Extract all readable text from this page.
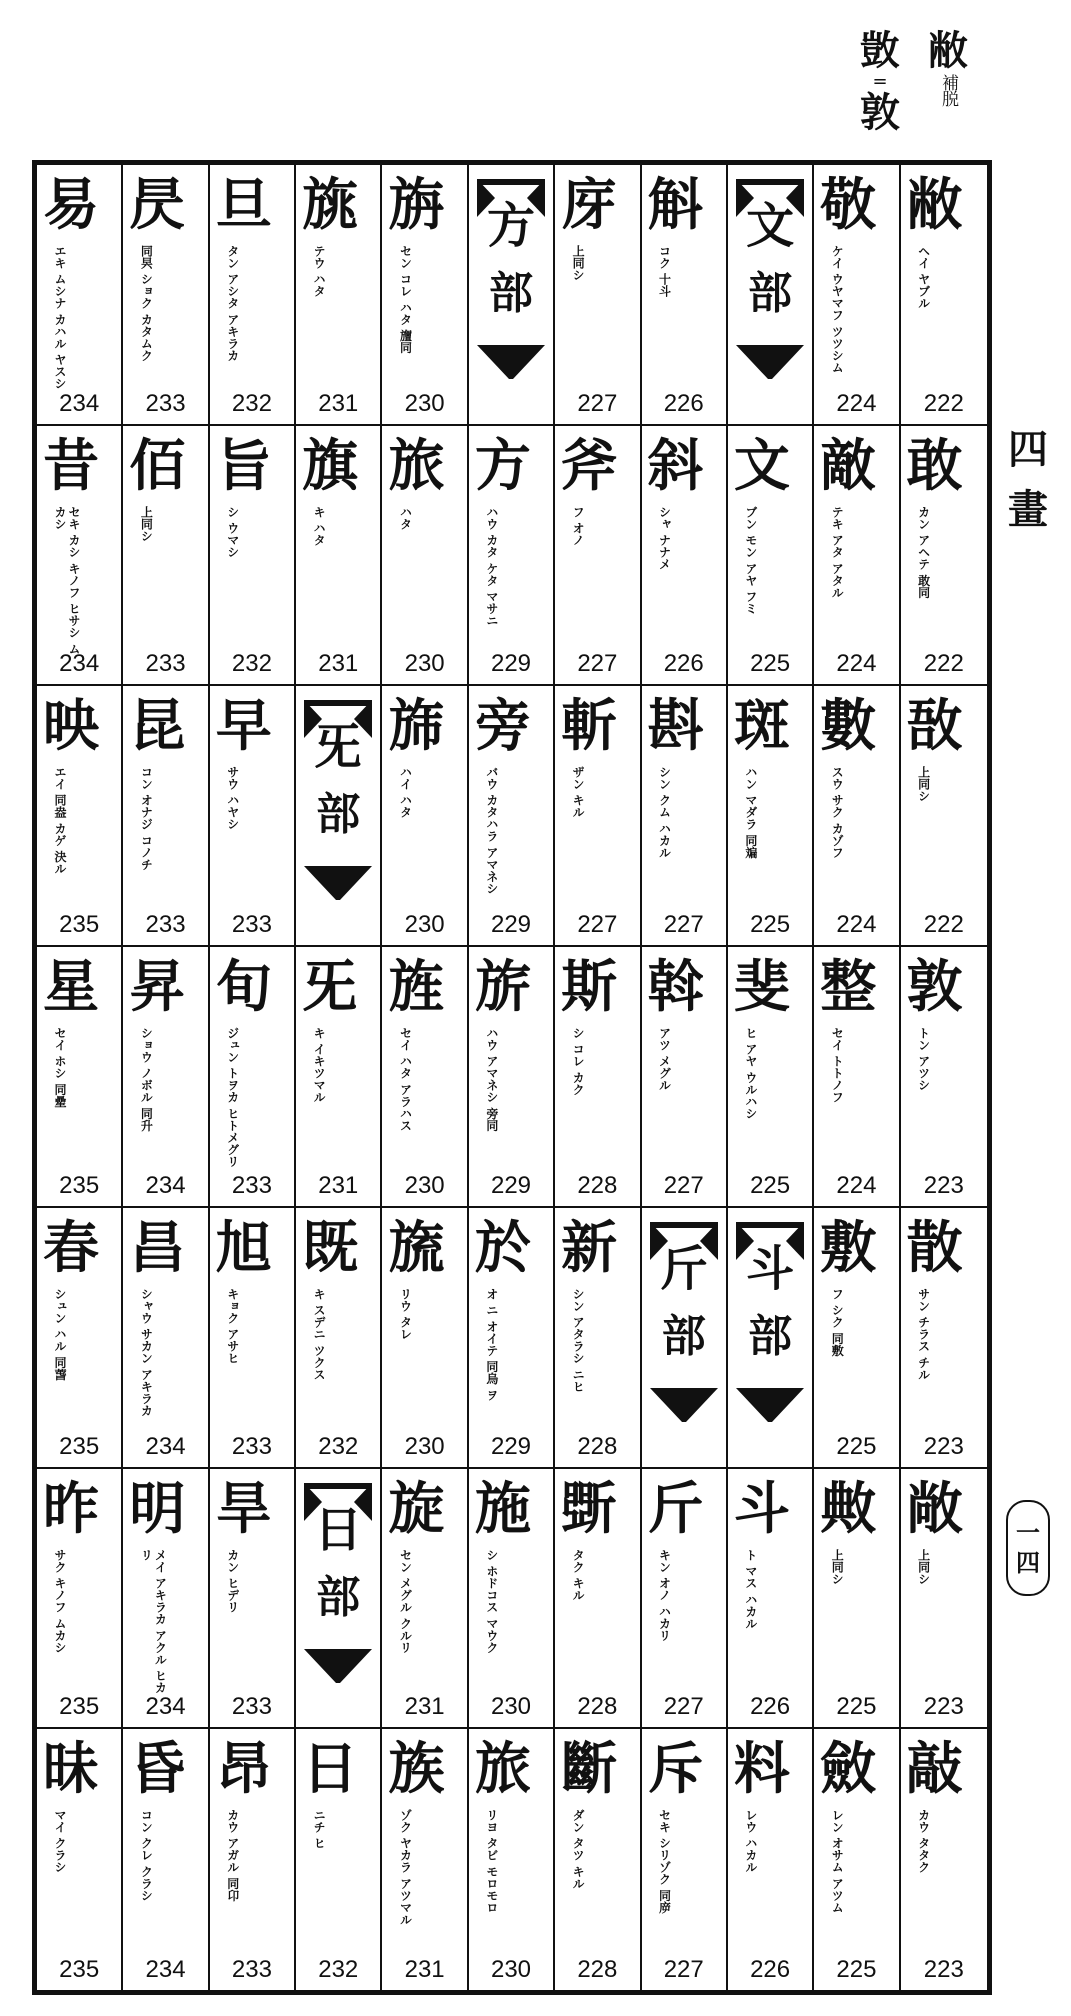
敝
補脱
敳
=
敦
易
エキ ムシナ カハル ヤスシ
234
昃
同昗 ショク カタムク
233
旦
タン アシタ アキラカ
232
旐
テウ ハタ
231
旃
セン コレ ハタ 旜同
230
方
部
庌
上同シ
227
斛
コク 十斗
226
文
部
敬
ケイ ウヤマフ ツツシム
224
敝
ヘイ ヤブル
222
昔
セキ カシ キノフ ヒサシ ムカシ
234
佰
上同シ
233
旨
シ ウマシ
232
旗
キ ハタ
231
旅
ハタ
230
方
ハウ カタ ケタ マサニ
229
斧
フ オノ
227
斜
シャ ナナメ
226
文
ブン モン アヤ フミ
225
敵
テキ アタ アタル
224
敢
カン アヘテ 敢同
222
映
エイ 同盎 カゲ 決ル
235
昆
コン オナジ コノチ
233
早
サウ ハヤシ
233
旡
部
旆
ハイ ハタ
230
旁
バウ カタハラ アマネシ
229
斬
ザン キル
227
斟
シン クム ハカル
227
斑
ハン マダラ 同斒
225
數
スウ サク カゾフ
224
敔
上同シ
222
星
セイ ホシ 同曐
235
昇
ショウ ノボル 同升
234
旬
ジュン トヲカ ヒトメグリ
233
旡
キ イキツマル
231
旌
セイ ハタ アラハス
230
旂
ハウ アマネシ 旁同
229
斯
シ コレ カク
228
斡
アツ メグル
227
斐
ヒ アヤ ウルハシ
225
整
セイ トトノフ
224
敦
トン アツシ
223
春
シュン ハル 同萅
235
昌
シャウ サカン アキラカ
234
旭
キョク アサヒ
233
既
キ スデニ ツクス
232
旒
リウ タレ
230
於
オ ニ オイテ 同烏 ヲ
229
新
シン アタラシ ニヒ
228
斤
部
斗
部
敷
フ シク 同敷
225
散
サン チラス チル
223
昨
サク キノフ ムカシ
235
明
メイ アキラカ アクル ヒカリ
234
旱
カン ヒデリ
233
日
部
旋
セン メグル クルリ
231
施
シ ホドコス マウク
230
斲
タク キル
228
斤
キン オノ ハカリ
227
斗
ト マス ハカル
226
敟
上同シ
225
敞
上同シ
223
昧
マイ クラシ
235
昏
コン クレ クラシ
234
昂
カウ アガル 同卬
233
日
ニチ ヒ
232
族
ゾク ヤカラ アツマル
231
旅
リヨ タビ モロモロ
230
斷
ダン タツ キル
228
斥
セキ シリゾク 同㡿
227
料
レウ ハカル
226
斂
レン オサム アツム
225
敲
カウ タタク
223
四
畫
一
四
